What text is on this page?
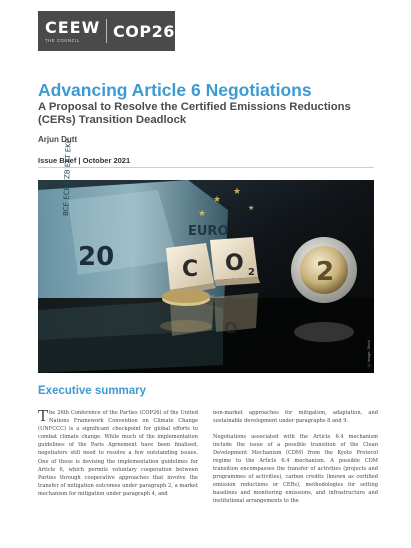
CEEW
THE COUNCIL	COP26
Advancing Article 6 Negotiations
A Proposal to Resolve the Certified Emissions Reductions (CERs) Transition Deadlock
Arjun Dutt
Issue Brief | October 2021
20
EURO
BCE ECB EZB EKT EKP
C O 2
O
2
★
★
★	★
© Image: Stock
Executive summary

The 26th Conference of the Parties (COP26) of the United Nations Framework Convention on Climate Change (UNFCCC) is a significant checkpoint for global efforts to combat climate change. While much of the implementation guidelines of the Paris Agreement have been finalised, negotiators still need to resolve a few outstanding issues. One of these is devising the implementation guidelines for Article 6, which permits voluntary cooperation between Parties through cooperative approaches that involve the transfer of mitigation outcomes under paragraph 2, a market mechanism for mitigation under paragraph 4, and

non-market approaches for mitigation, adaptation, and sustainable development under paragraphs 8 and 9.

Negotiations associated with the Article 6.4 mechanism include the issue of a possible transition of the Clean Development Mechanism (CDM) from the Kyoto Protocol regime to the Article 6.4 mechanism. A possible CDM transition encompasses the transfer of activities (projects and programmes of activities), carbon credits (known as certified emission reductions or CERs), methodologies for setting baselines and monitoring emissions, and infrastructure and institutional arrangements to the
